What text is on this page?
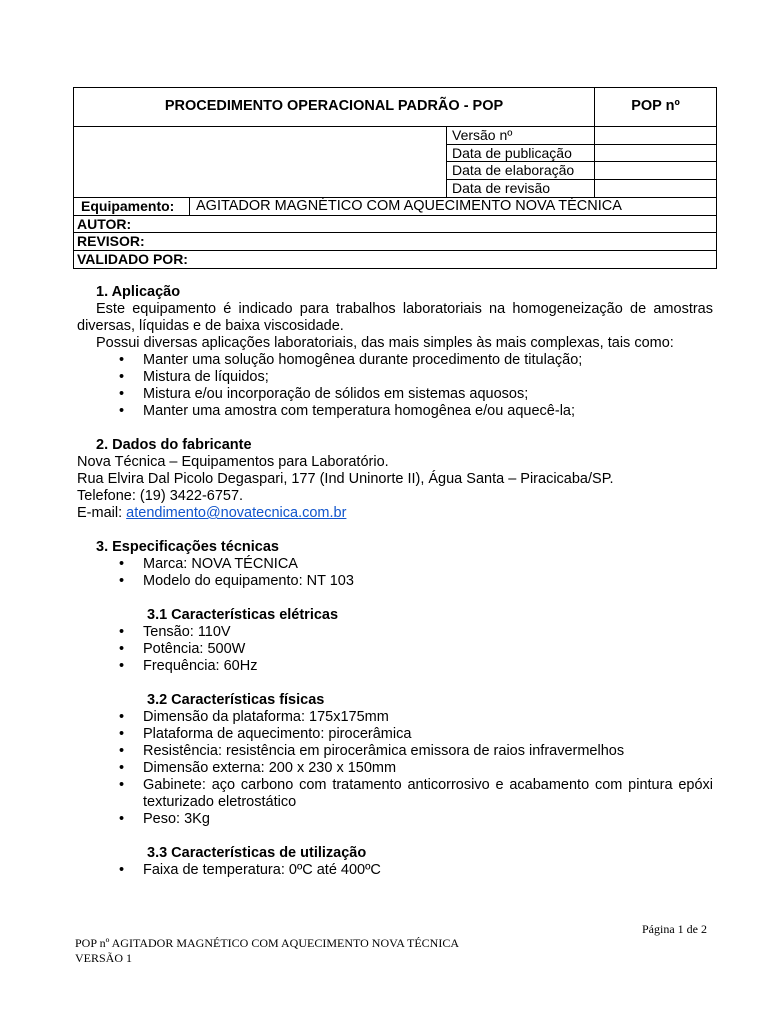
PROCEDIMENTO OPERACIONAL PADRÃO - POP	POP nº
Versão nº
Data de publicação
Data de elaboração
Data de revisão
Equipamento: AGITADOR MAGNÉTICO COM AQUECIMENTO NOVA TÉCNICA
AUTOR:
REVISOR:
VALIDADO POR:
1. Aplicação
Este equipamento é indicado para trabalhos laboratoriais na homogeneização de amostras diversas, líquidas e de baixa viscosidade.
Possui diversas aplicações laboratoriais, das mais simples às mais complexas, tais como:
• Manter uma solução homogênea durante procedimento de titulação;
• Mistura de líquidos;
• Mistura e/ou incorporação de sólidos em sistemas aquosos;
• Manter uma amostra com temperatura homogênea e/ou aquecê-la;
2. Dados do fabricante
Nova Técnica – Equipamentos para Laboratório.
Rua Elvira Dal Picolo Degaspari, 177 (Ind Uninorte II), Água Santa – Piracicaba/SP.
Telefone: (19) 3422-6757.
E-mail: atendimento@novatecnica.com.br
3. Especificações técnicas
• Marca: NOVA TÉCNICA
• Modelo do equipamento: NT 103
3.1 Características elétricas
• Tensão: 110V
• Potência: 500W
• Frequência: 60Hz
3.2 Características físicas
• Dimensão da plataforma: 175x175mm
• Plataforma de aquecimento: pirocerâmica
• Resistência: resistência em pirocerâmica emissora de raios infravermelhos
• Dimensão externa: 200 x 230 x 150mm
• Gabinete: aço carbono com tratamento anticorrosivo e acabamento com pintura epóxi texturizado eletrostático
• Peso: 3Kg
3.3 Características de utilização
• Faixa de temperatura: 0ºC até 400ºC
Página 1 de 2
POP nº AGITADOR MAGNÉTICO COM AQUECIMENTO NOVA TÉCNICA
VERSÃO 1
